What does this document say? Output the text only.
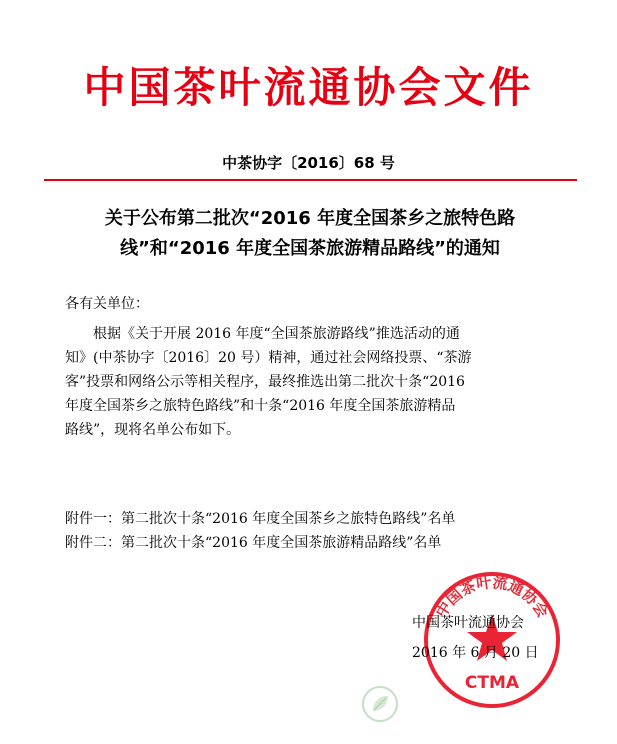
中国茶叶流通协会文件
中茶协字〔2016〕68 号
关于公布第二批次“2016 年度全国茶乡之旅特色路
线”和“2016 年度全国茶旅游精品路线”的通知
各有关单位：
根据《关于开展 2016 年度“全国茶旅游路线”推选活动的通
知》(中茶协字〔2016〕20 号）精神，通过社会网络投票、“茶游
客”投票和网络公示等相关程序，最终推选出第二批次十条“2016
年度全国茶乡之旅特色路线”和十条“2016 年度全国茶旅游精品
路线”，现将名单公布如下。
附件一：第二批次十条“2016 年度全国茶乡之旅特色路线”名单
附件二：第二批次十条“2016 年度全国茶旅游精品路线”名单
中国茶叶流通协会
CTMA
中国茶叶流通协会
2016 年 6 月 20 日
